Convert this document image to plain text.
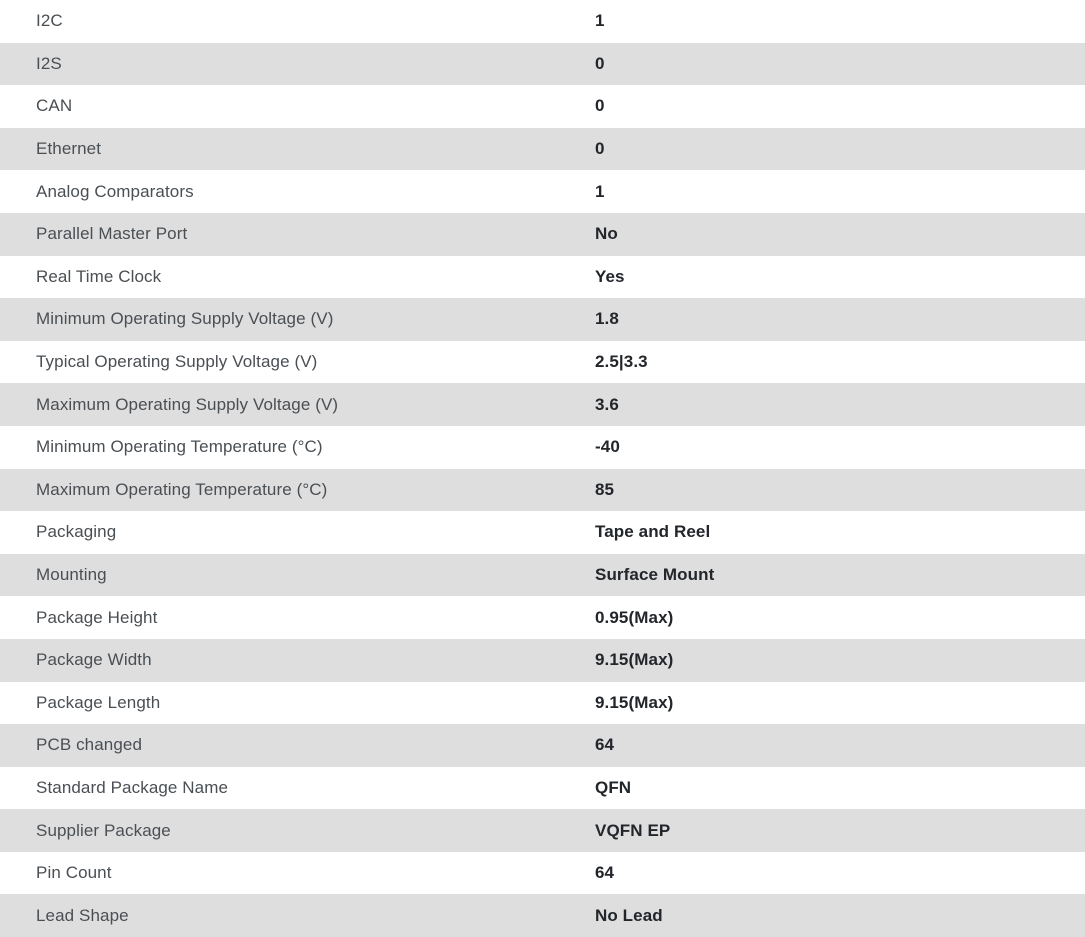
I2C	1
I2S	0
CAN	0
Ethernet	0
Analog Comparators	1
Parallel Master Port	No
Real Time Clock	Yes
Minimum Operating Supply Voltage (V)	1.8
Typical Operating Supply Voltage (V)	2.5|3.3
Maximum Operating Supply Voltage (V)	3.6
Minimum Operating Temperature (°C)	-40
Maximum Operating Temperature (°C)	85
Packaging	Tape and Reel
Mounting	Surface Mount
Package Height	0.95(Max)
Package Width	9.15(Max)
Package Length	9.15(Max)
PCB changed	64
Standard Package Name	QFN
Supplier Package	VQFN EP
Pin Count	64
Lead Shape	No Lead
